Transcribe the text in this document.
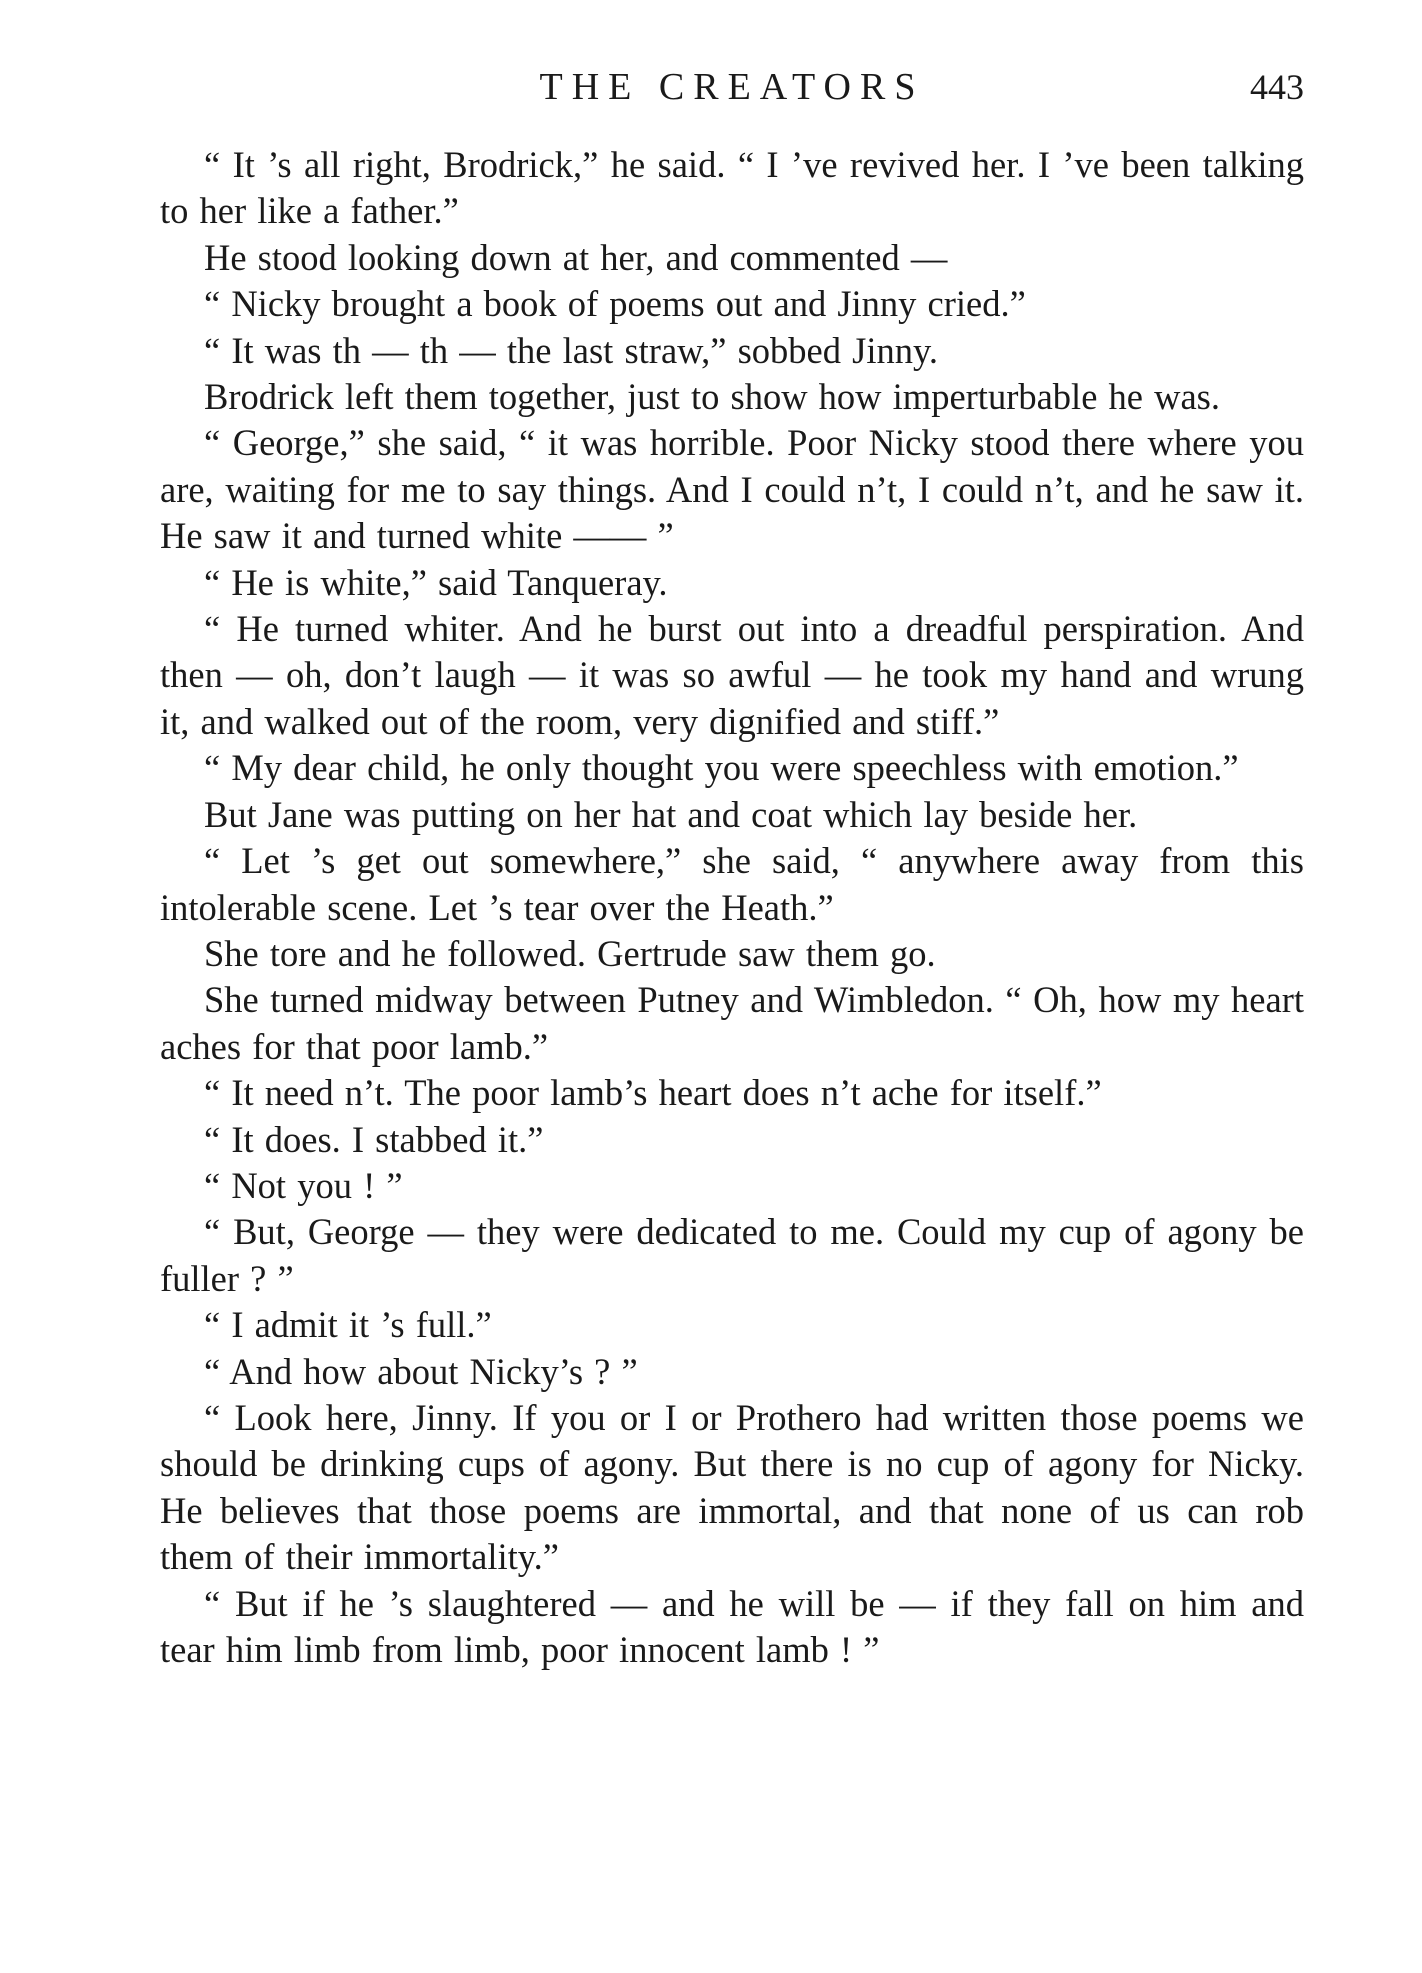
THE CREATORS	443

“ It ’s all right, Brodrick,” he said. “ I ’ve revived her. I ’ve been talking to her like a father.”

He stood looking down at her, and commented —

“ Nicky brought a book of poems out and Jinny cried.”

“ It was th — th — the last straw,” sobbed Jinny.

Brodrick left them together, just to show how imperturbable he was.

“ George,” she said, “ it was horrible. Poor Nicky stood there where you are, waiting for me to say things. And I could n’t, I could n’t, and he saw it. He saw it and turned white —— ”

“ He is white,” said Tanqueray.

“ He turned whiter. And he burst out into a dreadful perspiration. And then — oh, don’t laugh — it was so awful — he took my hand and wrung it, and walked out of the room, very dignified and stiff.”

“ My dear child, he only thought you were speechless with emotion.”

But Jane was putting on her hat and coat which lay beside her.

“ Let ’s get out somewhere,” she said, “ anywhere away from this intolerable scene. Let ’s tear over the Heath.”

She tore and he followed. Gertrude saw them go.

She turned midway between Putney and Wimbledon. “ Oh, how my heart aches for that poor lamb.”

“ It need n’t. The poor lamb’s heart does n’t ache for itself.”

“ It does. I stabbed it.”

“ Not you ! ”

“ But, George — they were dedicated to me. Could my cup of agony be fuller ? ”

“ I admit it ’s full.”

“ And how about Nicky’s ? ”

“ Look here, Jinny. If you or I or Prothero had written those poems we should be drinking cups of agony. But there is no cup of agony for Nicky. He believes that those poems are immortal, and that none of us can rob them of their immortality.”

“ But if he ’s slaughtered — and he will be — if they fall on him and tear him limb from limb, poor innocent lamb ! ”
